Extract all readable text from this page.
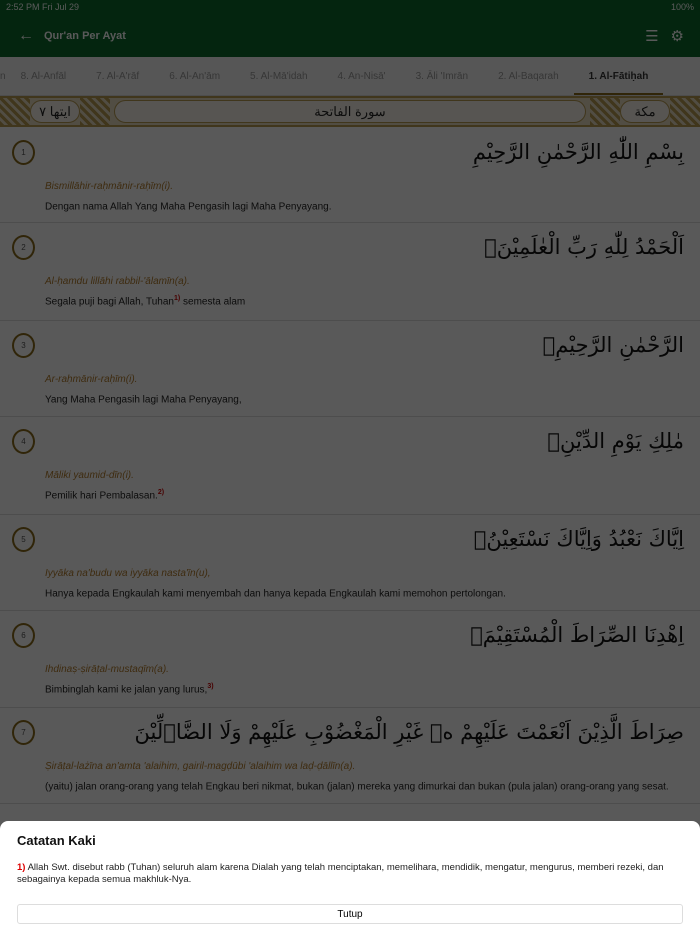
2:52 PM Fri Jul 29	100%
← Qur'an Per Ayat	☰ ⚙
n	8. Al-Anfāl	7. Al-A'rāf	6. Al-An'ām	5. Al-Mā'idah	4. An-Nisā'	3. Āli 'Imrān	2. Al-Baqarah	1. Al-Fātiḥah
ايتها ٧	سورة الفاتحة	مكة
1	بِسْمِ اللّٰهِ الرَّحْمٰنِ الرَّحِيْمِ
Bismillāhir-raḥmānir-raḥīm(i).
Dengan nama Allah Yang Maha Pengasih lagi Maha Penyayang.
2	اَلْحَمْدُ لِلّٰهِ رَبِّ الْعٰلَمِيْنَۙ
Al-ḥamdu lillāhi rabbil-'ālamīn(a).
Segala puji bagi Allah, Tuhan$^{1)}$ semesta alam
3	الرَّحْمٰنِ الرَّحِيْمِۙ
Ar-raḥmānir-raḥīm(i).
Yang Maha Pengasih lagi Maha Penyayang,
4	مٰلِكِ يَوْمِ الدِّيْنِۗ
Māliki yaumid-dīn(i).
Pemilik hari Pembalasan.$^{2)}$
5	اِيَّاكَ نَعْبُدُ وَاِيَّاكَ نَسْتَعِيْنُۗ
Iyyāka na'budu wa iyyāka nasta'īn(u),
Hanya kepada Engkaulah kami menyembah dan hanya kepada Engkaulah kami memohon pertolongan.
6	اِهْدِنَا الصِّرَاطَ الْمُسْتَقِيْمَۙ
Ihdinaṣ-ṣirāṭal-mustaqīm(a).
Bimbinglah kami ke jalan yang lurus,$^{3)}$
7	صِرَاطَ الَّذِيْنَ اَنْعَمْتَ عَلَيْهِمْ ەۙ غَيْرِ الْمَغْضُوْبِ عَلَيْهِمْ وَلَا الضَّاۤلِّيْنَ
Ṣirāṭal-lażīna an'amta 'alaihim, gairil-magḍūbi 'alaihim wa laḍ-ḍāllīn(a).
(yaitu) jalan orang-orang yang telah Engkau beri nikmat, bukan (jalan) mereka yang dimurkai dan bukan (pula jalan) orang-orang yang sesat.
Catatan Kaki

1) Allah Swt. disebut rabb (Tuhan) seluruh alam karena Dialah yang telah menciptakan, memelihara, mendidik, mengatur, mengurus, memberi rezeki, dan sebagainya kepada semua makhluk-Nya.

Tutup
